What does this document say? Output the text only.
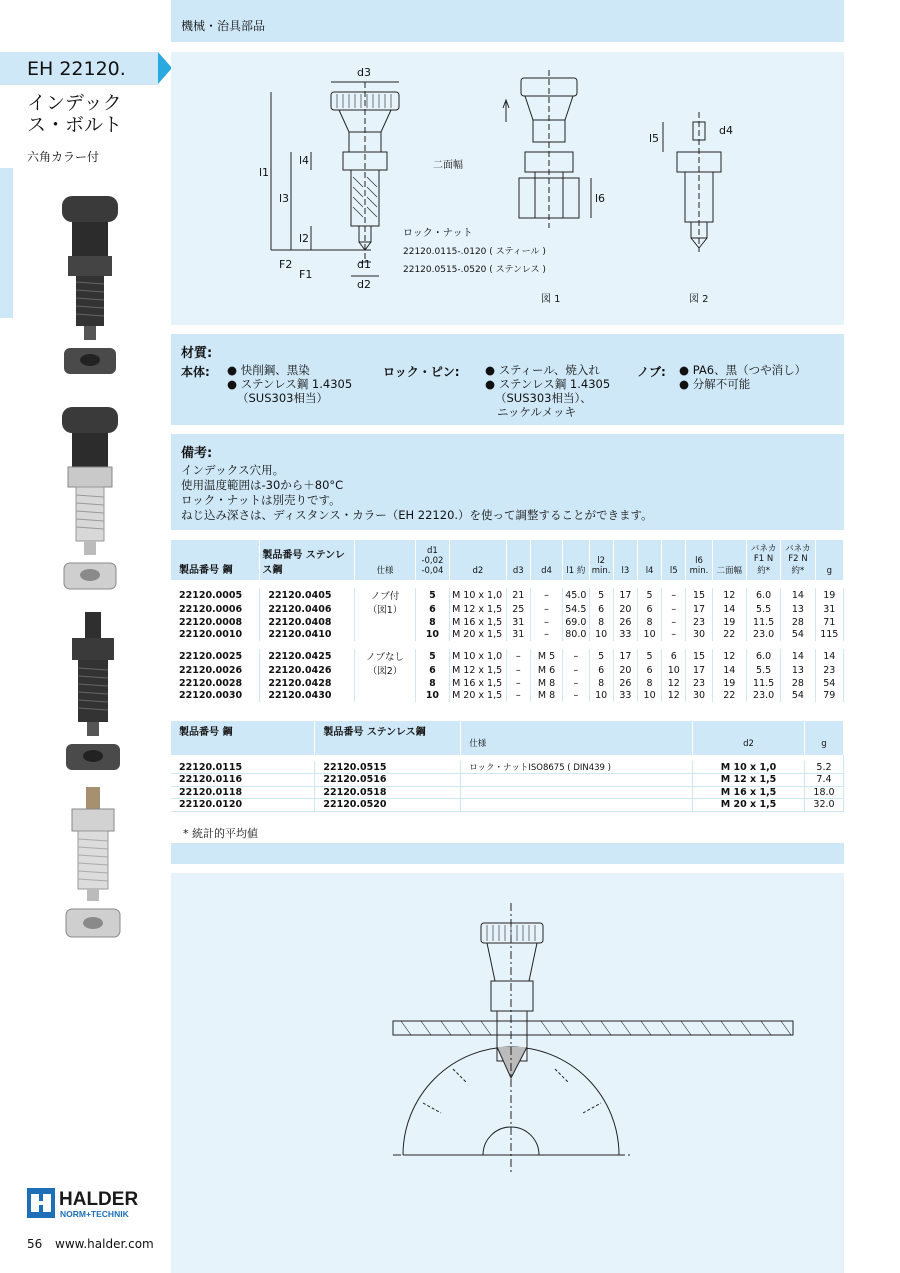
機械・治具部品
EH 22120.
インデックス・ボルト
六角カラー付
d3
d4
d1
d2
l1
l2
l3
l4
l5
l6
F2
F1
二面幅
ロック・ナット
22120.0115-.0120 ( スティール )
22120.0515-.0520 ( ステンレス )
図 1	図 2
材質:
本体: ● 快削鋼、黒染
● ステンレス鋼 1.4305
（SUS303相当）
ロック・ピン: ● スティール、焼入れ
● ステンレス鋼 1.4305
（SUS303相当）、
ニッケルメッキ
ノブ: ● PA6、黒（つや消し）
● 分解不可能
備考:
インデックス穴用。
使用温度範囲は-30から＋80°C
ロック・ナットは別売りです。
ねじ込み深さは、ディスタンス・カラー（EH 22120.）を使って調整することができます。
製品番号 鋼	製品番号 ステンレス鋼	仕様	d1 -0,02 -0,04	d2	d3	d4	l1 約	l2 min.	l3	l4	l5	l6 min.	二面幅	バネカ F1 N 約*	バネカ F2 N 約*	g

22120.0005	22120.0405	ノブ付	5	M 10 x 1,0	21	–	45.0	5	17	5	–	15	12	6.0	14	19
22120.0006	22120.0406	（図1）	6	M 12 x 1,5	25	–	54.5	6	20	6	–	17	14	5.5	13	31
22120.0008	22120.0408		8	M 16 x 1,5	31	–	69.0	8	26	8	–	23	19	11.5	28	71
22120.0010	22120.0410		10	M 20 x 1,5	31	–	80.0	10	33	10	–	30	22	23.0	54	115

22120.0025	22120.0425	ノブなし	5	M 10 x 1,0	–	M 5	–	5	17	5	6	15	12	6.0	14	14
22120.0026	22120.0426	（図2）	6	M 12 x 1,5	–	M 6	–	6	20	6	10	17	14	5.5	13	23
22120.0028	22120.0428		8	M 16 x 1,5	–	M 8	–	8	26	8	12	23	19	11.5	28	54
22120.0030	22120.0430		10	M 20 x 1,5	–	M 8	–	10	33	10	12	30	22	23.0	54	79
製品番号 鋼	製品番号 ステンレス鋼	仕様	d2	g

22120.0115	22120.0515	ロック・ナットISO8675 ( DIN439 )	M 10 x 1,0	5.2
22120.0116	22120.0516		M 12 x 1,5	7.4
22120.0118	22120.0518		M 16 x 1,5	18.0
22120.0120	22120.0520		M 20 x 1,5	32.0
* 統計的平均値
HALDER
NORM+TECHNIK
56 www.halder.com
